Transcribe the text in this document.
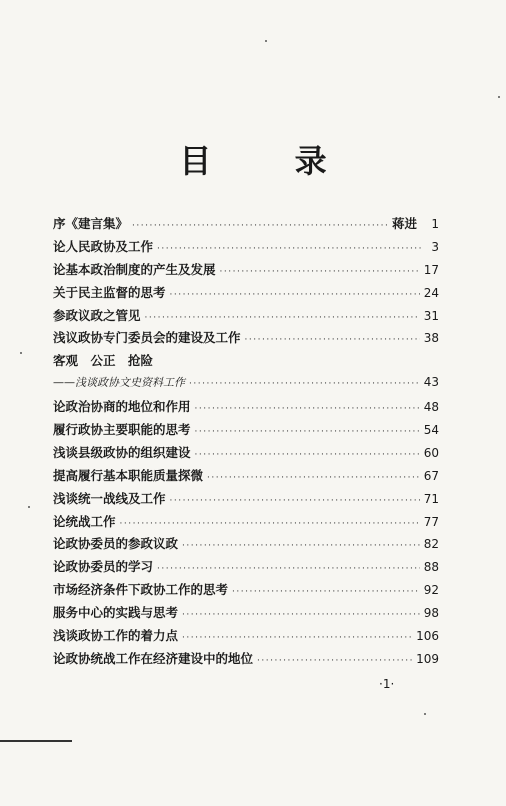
目 录
序《建言集》 ·····	蒋进	1
论人民政协及工作 ·····	3
论基本政治制度的产生及发展 ·····	17
关于民主监督的思考 ·····	24
参政议政之管见 ·····	31
浅议政协专门委员会的建设及工作 ·····	38
客观　公正　抢险
——浅谈政协文史资料工作 ·····	43
论政治协商的地位和作用 ·····	48
履行政协主要职能的思考 ·····	54
浅谈县级政协的组织建设 ·····	60
提高履行基本职能质量探微 ·····	67
浅谈统一战线及工作 ·····	71
论统战工作 ·····	77
论政协委员的参政议政 ·····	82
论政协委员的学习 ·····	88
市场经济条件下政协工作的思考 ·····	92
服务中心的实践与思考 ·····	98
浅谈政协工作的着力点 ·····	106
论政协统战工作在经济建设中的地位 ·····	109
·1·
